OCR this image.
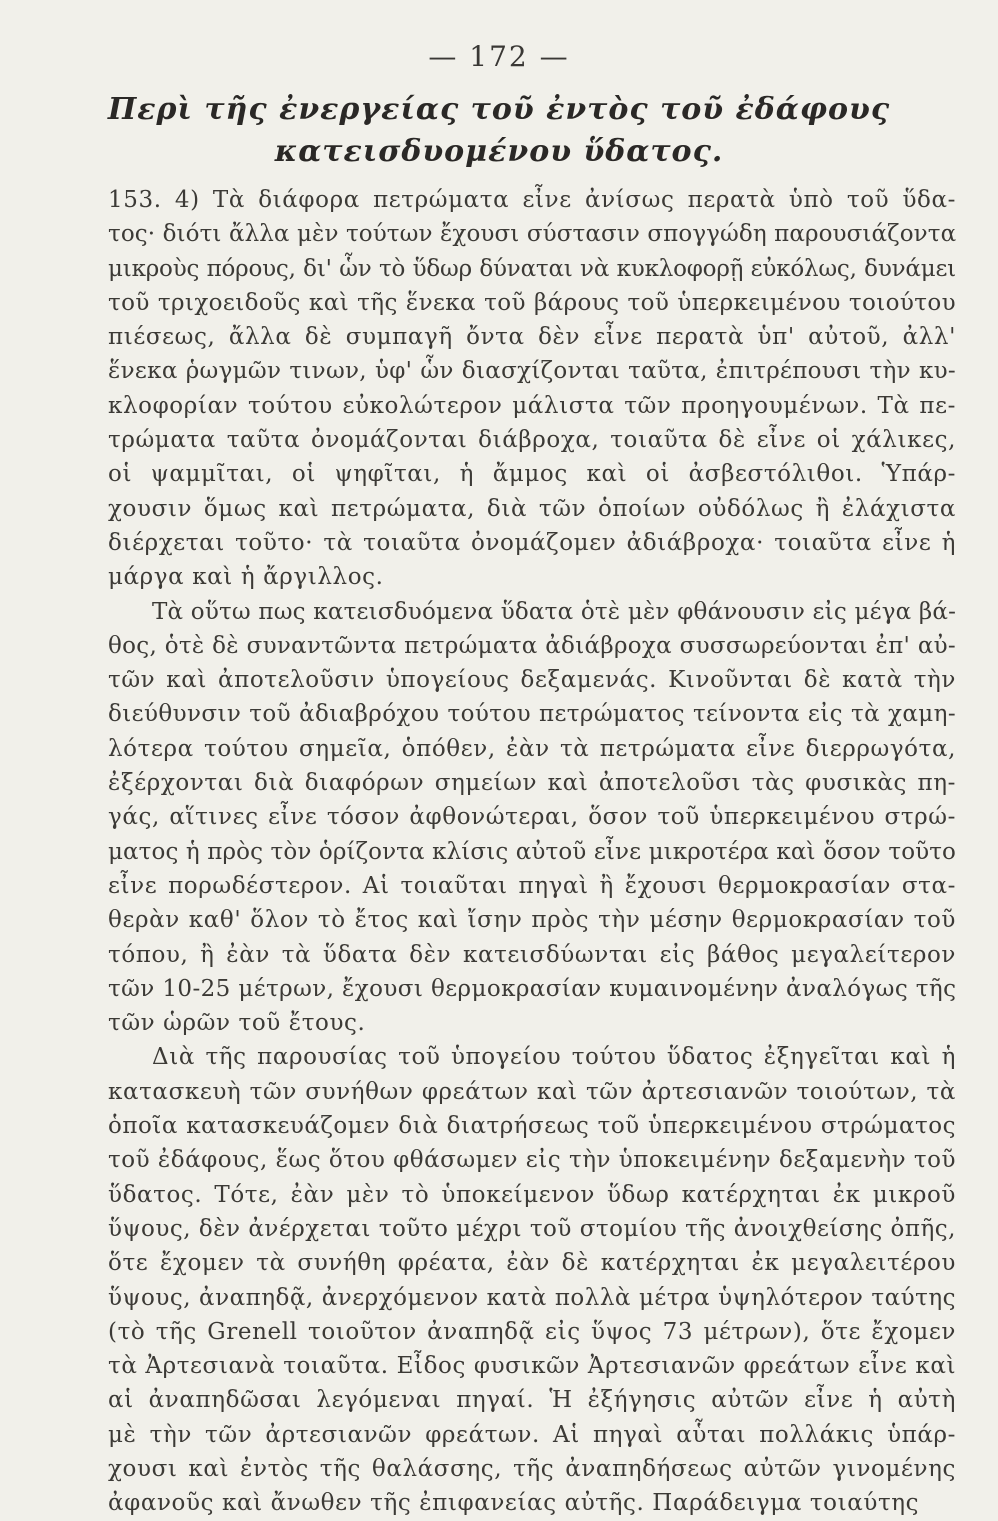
— 172 —
Περὶ τῆς ἐνεργείας τοῦ ἐντὸς τοῦ ἐδάφους
κατεισδυομένου ὕδατος.
153. 4) Τὰ διάφορα πετρώματα εἶνε ἀνίσως περατὰ ὑπὸ τοῦ ὕδα-
τος· διότι ἄλλα μὲν τούτων ἔχουσι σύστασιν σπογγώδη παρουσιάζοντα
μικροὺς πόρους, δι' ὧν τὸ ὕδωρ δύναται νὰ κυκλοφορῇ εὐκόλως, δυνάμει
τοῦ τριχοειδοῦς καὶ τῆς ἕνεκα τοῦ βάρους τοῦ ὑπερκειμένου τοιούτου
πιέσεως, ἄλλα δὲ συμπαγῆ ὄντα δὲν εἶνε περατὰ ὑπ' αὐτοῦ, ἀλλ'
ἕνεκα ῥωγμῶν τινων, ὑφ' ὧν διασχίζονται ταῦτα, ἐπιτρέπουσι τὴν κυ-
κλοφορίαν τούτου εὐκολώτερον μάλιστα τῶν προηγουμένων. Τὰ πε-
τρώματα ταῦτα ὀνομάζονται διάβροχα, τοιαῦτα δὲ εἶνε οἱ χάλικες,
οἱ ψαμμῖται, οἱ ψηφῖται, ἡ ἄμμος καὶ οἱ ἀσβεστόλιθοι. Ὑπάρ-
χουσιν ὅμως καὶ πετρώματα, διὰ τῶν ὁποίων οὐδόλως ἢ ἐλάχιστα
διέρχεται τοῦτο· τὰ τοιαῦτα ὀνομάζομεν ἀδιάβροχα· τοιαῦτα εἶνε ἡ
μάργα καὶ ἡ ἄργιλλος.
Τὰ οὕτω πως κατεισδυόμενα ὕδατα ὁτὲ μὲν φθάνουσιν εἰς μέγα βά-
θος, ὁτὲ δὲ συναντῶντα πετρώματα ἀδιάβροχα συσσωρεύονται ἐπ' αὐ-
τῶν καὶ ἀποτελοῦσιν ὑπογείους δεξαμενάς. Κινοῦνται δὲ κατὰ τὴν
διεύθυνσιν τοῦ ἀδιαβρόχου τούτου πετρώματος τείνοντα εἰς τὰ χαμη-
λότερα τούτου σημεῖα, ὁπόθεν, ἐὰν τὰ πετρώματα εἶνε διερρωγότα,
ἐξέρχονται διὰ διαφόρων σημείων καὶ ἀποτελοῦσι τὰς φυσικὰς πη-
γάς, αἵτινες εἶνε τόσον ἀφθονώτεραι, ὅσον τοῦ ὑπερκειμένου στρώ-
ματος ἡ πρὸς τὸν ὁρίζοντα κλίσις αὐτοῦ εἶνε μικροτέρα καὶ ὅσον τοῦτο
εἶνε πορωδέστερον. Αἱ τοιαῦται πηγαὶ ἢ ἔχουσι θερμοκρασίαν στα-
θερὰν καθ' ὅλον τὸ ἔτος καὶ ἴσην πρὸς τὴν μέσην θερμοκρασίαν τοῦ
τόπου, ἢ ἐὰν τὰ ὕδατα δὲν κατεισδύωνται εἰς βάθος μεγαλείτερον
τῶν 10-25 μέτρων, ἔχουσι θερμοκρασίαν κυμαινομένην ἀναλόγως τῆς
τῶν ὡρῶν τοῦ ἔτους.
Διὰ τῆς παρουσίας τοῦ ὑπογείου τούτου ὕδατος ἐξηγεῖται καὶ ἡ
κατασκευὴ τῶν συνήθων φρεάτων καὶ τῶν ἀρτεσιανῶν τοιούτων, τὰ
ὁποῖα κατασκευάζομεν διὰ διατρήσεως τοῦ ὑπερκειμένου στρώματος
τοῦ ἐδάφους, ἕως ὅτου φθάσωμεν εἰς τὴν ὑποκειμένην δεξαμενὴν τοῦ
ὕδατος. Τότε, ἐὰν μὲν τὸ ὑποκείμενον ὕδωρ κατέρχηται ἐκ μικροῦ
ὕψους, δὲν ἀνέρχεται τοῦτο μέχρι τοῦ στομίου τῆς ἀνοιχθείσης ὀπῆς,
ὅτε ἔχομεν τὰ συνήθη φρέατα, ἐὰν δὲ κατέρχηται ἐκ μεγαλειτέρου
ὕψους, ἀναπηδᾷ, ἀνερχόμενον κατὰ πολλὰ μέτρα ὑψηλότερον ταύτης
(τὸ τῆς Grenell τοιοῦτον ἀναπηδᾷ εἰς ὕψος 73 μέτρων), ὅτε ἔχομεν
τὰ Ἀρτεσιανὰ τοιαῦτα. Εἶδος φυσικῶν Ἀρτεσιανῶν φρεάτων εἶνε καὶ
αἱ ἀναπηδῶσαι λεγόμεναι πηγαί. Ἡ ἐξήγησις αὐτῶν εἶνε ἡ αὐτὴ
μὲ τὴν τῶν ἀρτεσιανῶν φρεάτων. Αἱ πηγαὶ αὗται πολλάκις ὑπάρ-
χουσι καὶ ἐντὸς τῆς θαλάσσης, τῆς ἀναπηδήσεως αὐτῶν γινομένης
ἀφανοῦς καὶ ἄνωθεν τῆς ἐπιφανείας αὐτῆς. Παράδειγμα τοιαύτης
